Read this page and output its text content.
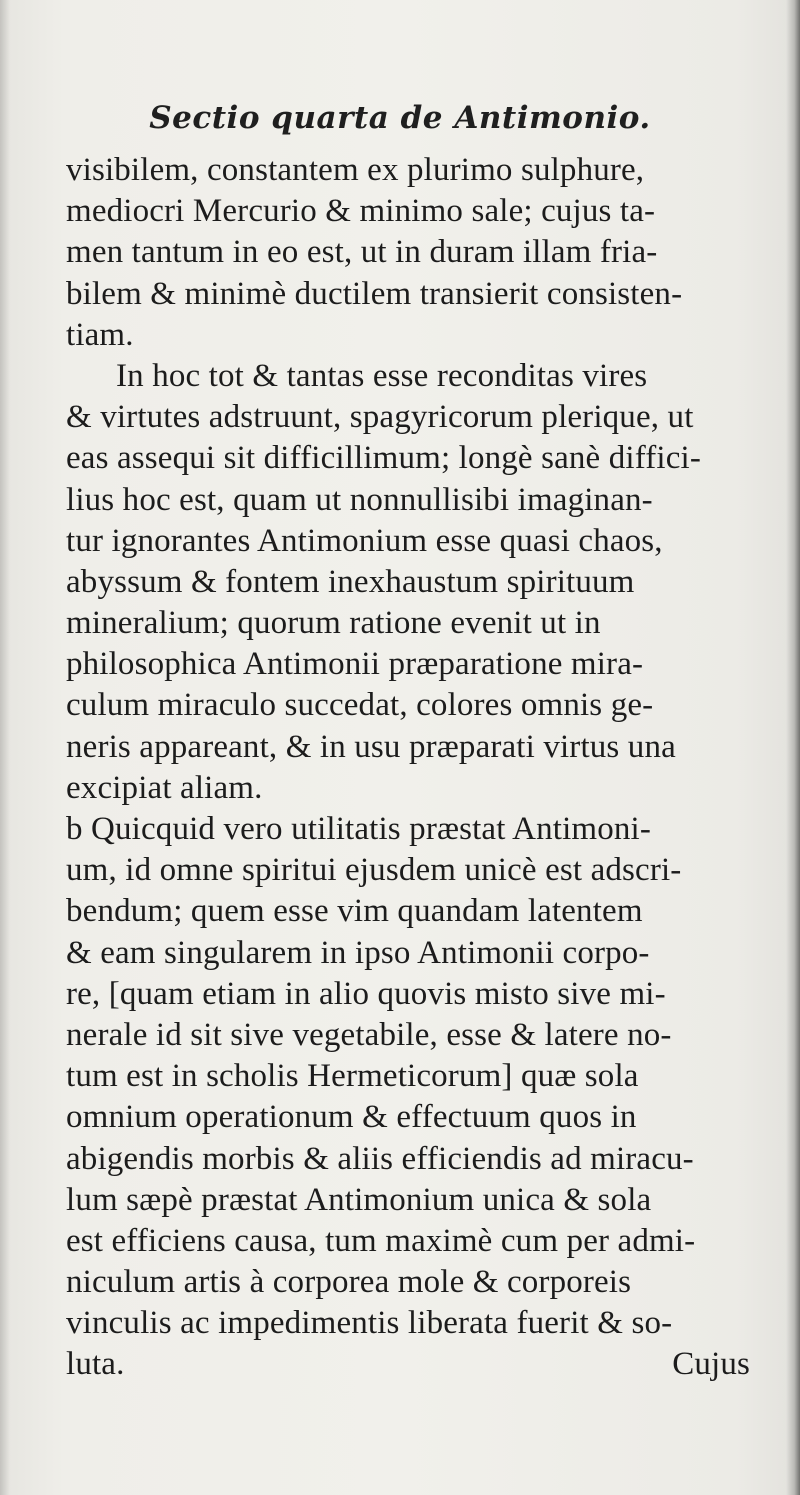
Sectio quarta de Antimonio.
visibilem, constantem ex plurimo sulphure,
mediocri Mercurio & minimo sale; cujus ta-
men tantum in eo est, ut in duram illam fria-
bilem & minimè ductilem transierit consisten-
tiam.
In hoc tot & tantas esse reconditas vires
& virtutes adstruunt, spagyricorum plerique, ut
eas assequi sit difficillimum; longè sanè diffici-
lius hoc est, quam ut nonnullisibi imaginan-
tur ignorantes Antimonium esse quasi chaos,
abyssum & fontem inexhaustum spirituum
mineralium; quorum ratione evenit ut in
philosophica Antimonii præparatione mira-
culum miraculo succedat, colores omnis ge-
neris appareant, & in usu præparati virtus una
excipiat aliam.
b Quicquid vero utilitatis præstat Antimoni-
um, id omne spiritui ejusdem unicè est adscri-
bendum; quem esse vim quandam latentem
& eam singularem in ipso Antimonii corpo-
re, [quam etiam in alio quovis misto sive mi-
nerale id sit sive vegetabile, esse & latere no-
tum est in scholis Hermeticorum] quæ sola
omnium operationum & effectuum quos in
abigendis morbis & aliis efficiendis ad miracu-
lum sæpè præstat Antimonium unica & sola
est efficiens causa, tum maximè cum per admi-
niculum artis à corporea mole & corporeis
vinculis ac impedimentis liberata fuerit & so-
luta.	Cujus
